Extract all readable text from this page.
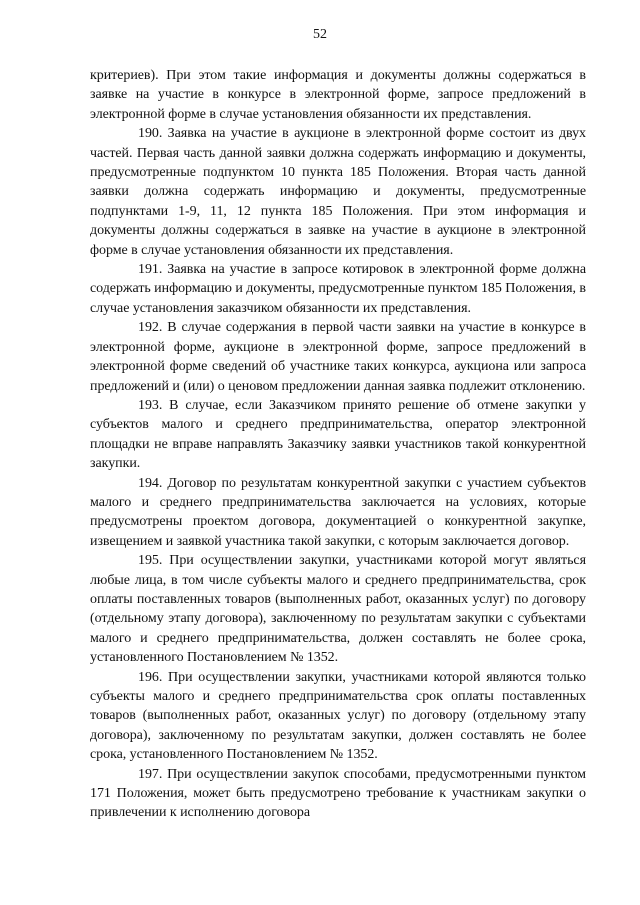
52

критериев). При этом такие информация и документы должны содержаться в заявке на участие в конкурсе в электронной форме, запросе предложений в электронной форме в случае установления обязанности их представления.

190. Заявка на участие в аукционе в электронной форме состоит из двух частей. Первая часть данной заявки должна содержать информацию и документы, предусмотренные подпунктом 10 пункта 185 Положения. Вторая часть данной заявки должна содержать информацию и документы, предусмотренные подпунктами 1-9, 11, 12 пункта 185 Положения. При этом информация и документы должны содержаться в заявке на участие в аукционе в электронной форме в случае установления обязанности их представления.

191. Заявка на участие в запросе котировок в электронной форме должна содержать информацию и документы, предусмотренные пунктом 185 Положения, в случае установления заказчиком обязанности их представления.

192. В случае содержания в первой части заявки на участие в конкурсе в электронной форме, аукционе в электронной форме, запросе предложений в электронной форме сведений об участнике таких конкурса, аукциона или запроса предложений и (или) о ценовом предложении данная заявка подлежит отклонению.

193. В случае, если Заказчиком принято решение об отмене закупки у субъектов малого и среднего предпринимательства, оператор электронной площадки не вправе направлять Заказчику заявки участников такой конкурентной закупки.

194. Договор по результатам конкурентной закупки с участием субъектов малого и среднего предпринимательства заключается на условиях, которые предусмотрены проектом договора, документацией о конкурентной закупке, извещением и заявкой участника такой закупки, с которым заключается договор.

195. При осуществлении закупки, участниками которой могут являться любые лица, в том числе субъекты малого и среднего предпринимательства, срок оплаты поставленных товаров (выполненных работ, оказанных услуг) по договору (отдельному этапу договора), заключенному по результатам закупки с субъектами малого и среднего предпринимательства, должен составлять не более срока, установленного Постановлением № 1352.

196. При осуществлении закупки, участниками которой являются только субъекты малого и среднего предпринимательства срок оплаты поставленных товаров (выполненных работ, оказанных услуг) по договору (отдельному этапу договора), заключенному по результатам закупки, должен составлять не более срока, установленного Постановлением № 1352.

197. При осуществлении закупок способами, предусмотренными пунктом 171 Положения, может быть предусмотрено требование к участникам закупки о привлечении к исполнению договора
